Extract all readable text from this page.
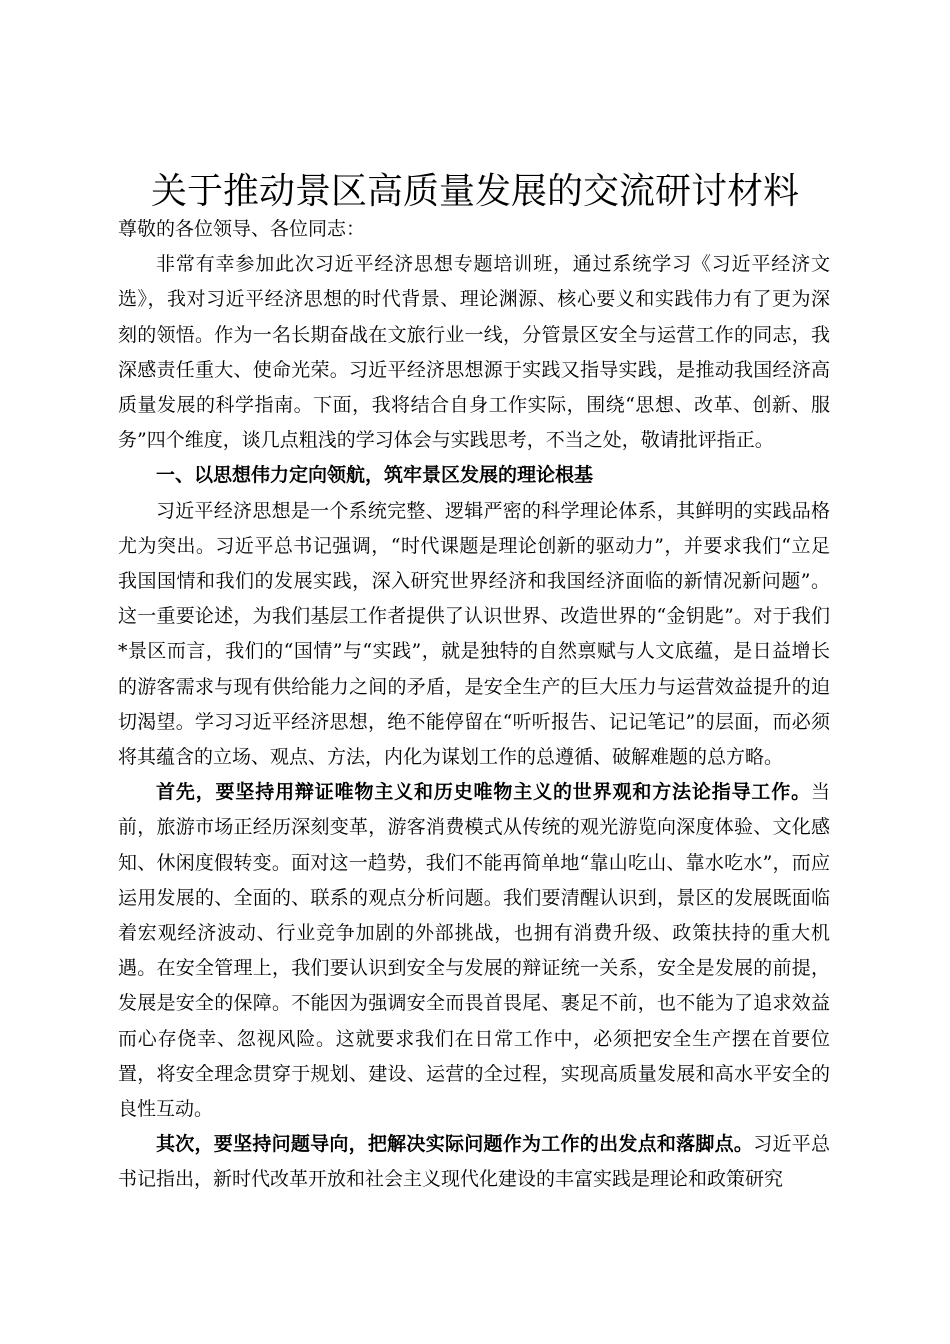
关于推动景区高质量发展的交流研讨材料

尊敬的各位领导、各位同志：

非常有幸参加此次习近平经济思想专题培训班，通过系统学习《习近平经济文选》，我对习近平经济思想的时代背景、理论渊源、核心要义和实践伟力有了更为深刻的领悟。作为一名长期奋战在文旅行业一线，分管景区安全与运营工作的同志，我深感责任重大、使命光荣。习近平经济思想源于实践又指导实践，是推动我国经济高质量发展的科学指南。下面，我将结合自身工作实际，围绕“思想、改革、创新、服务”四个维度，谈几点粗浅的学习体会与实践思考，不当之处，敬请批评指正。

一、以思想伟力定向领航，筑牢景区发展的理论根基

习近平经济思想是一个系统完整、逻辑严密的科学理论体系，其鲜明的实践品格尤为突出。习近平总书记强调，“时代课题是理论创新的驱动力”，并要求我们“立足我国国情和我们的发展实践，深入研究世界经济和我国经济面临的新情况新问题”。这一重要论述，为我们基层工作者提供了认识世界、改造世界的“金钥匙”。对于我们*景区而言，我们的“国情”与“实践”，就是独特的自然禀赋与人文底蕴，是日益增长的游客需求与现有供给能力之间的矛盾，是安全生产的巨大压力与运营效益提升的迫切渴望。学习习近平经济思想，绝不能停留在“听听报告、记记笔记”的层面，而必须将其蕴含的立场、观点、方法，内化为谋划工作的总遵循、破解难题的总方略。

首先，要坚持用辩证唯物主义和历史唯物主义的世界观和方法论指导工作。当前，旅游市场正经历深刻变革，游客消费模式从传统的观光游览向深度体验、文化感知、休闲度假转变。面对这一趋势，我们不能再简单地“靠山吃山、靠水吃水”，而应运用发展的、全面的、联系的观点分析问题。我们要清醒认识到，景区的发展既面临着宏观经济波动、行业竞争加剧的外部挑战，也拥有消费升级、政策扶持的重大机遇。在安全管理上，我们要认识到安全与发展的辩证统一关系，安全是发展的前提，发展是安全的保障。不能因为强调安全而畏首畏尾、裹足不前，也不能为了追求效益而心存侥幸、忽视风险。这就要求我们在日常工作中，必须把安全生产摆在首要位置，将安全理念贯穿于规划、建设、运营的全过程，实现高质量发展和高水平安全的良性互动。

其次，要坚持问题导向，把解决实际问题作为工作的出发点和落脚点。习近平总书记指出，新时代改革开放和社会主义现代化建设的丰富实践是理论和政策研究
